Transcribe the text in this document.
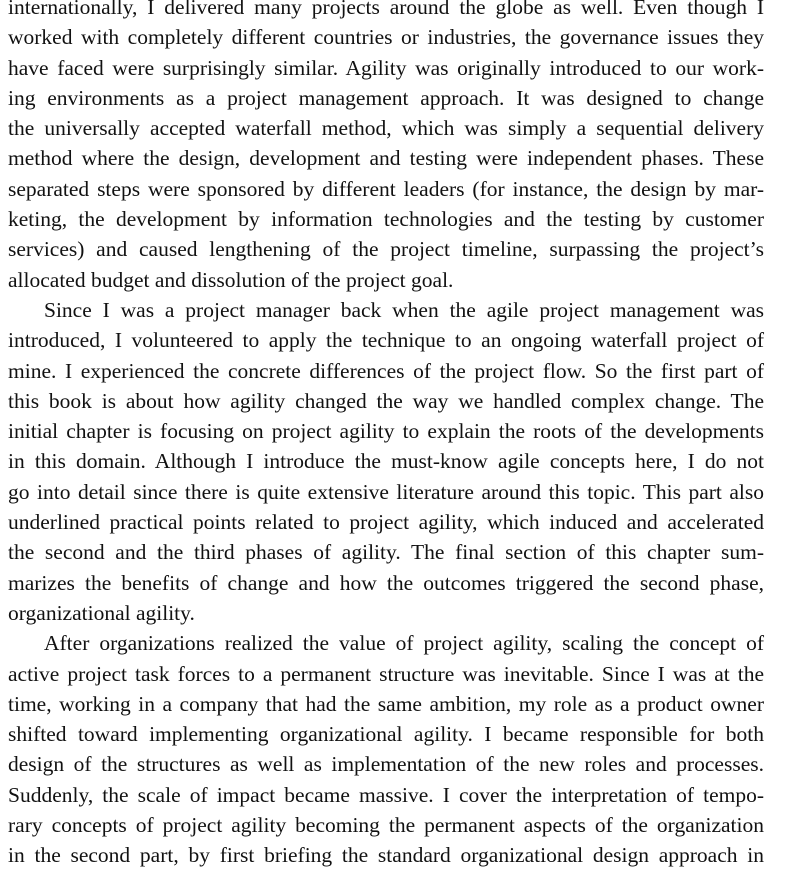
internationally, I delivered many projects around the globe as well. Even though I
worked with completely different countries or industries, the governance issues they
have faced were surprisingly similar. Agility was originally introduced to our work-
ing environments as a project management approach. It was designed to change
the universally accepted waterfall method, which was simply a sequential delivery
method where the design, development and testing were independent phases. These
separated steps were sponsored by different leaders (for instance, the design by mar-
keting, the development by information technologies and the testing by customer
services) and caused lengthening of the project timeline, surpassing the project’s
allocated budget and dissolution of the project goal.
Since I was a project manager back when the agile project management was
introduced, I volunteered to apply the technique to an ongoing waterfall project of
mine. I experienced the concrete differences of the project flow. So the first part of
this book is about how agility changed the way we handled complex change. The
initial chapter is focusing on project agility to explain the roots of the developments
in this domain. Although I introduce the must-know agile concepts here, I do not
go into detail since there is quite extensive literature around this topic. This part also
underlined practical points related to project agility, which induced and accelerated
the second and the third phases of agility. The final section of this chapter sum-
marizes the benefits of change and how the outcomes triggered the second phase,
organizational agility.
After organizations realized the value of project agility, scaling the concept of
active project task forces to a permanent structure was inevitable. Since I was at the
time, working in a company that had the same ambition, my role as a product owner
shifted toward implementing organizational agility. I became responsible for both
design of the structures as well as implementation of the new roles and processes.
Suddenly, the scale of impact became massive. I cover the interpretation of tempo-
rary concepts of project agility becoming the permanent aspects of the organization
in the second part, by first briefing the standard organizational design approach in
